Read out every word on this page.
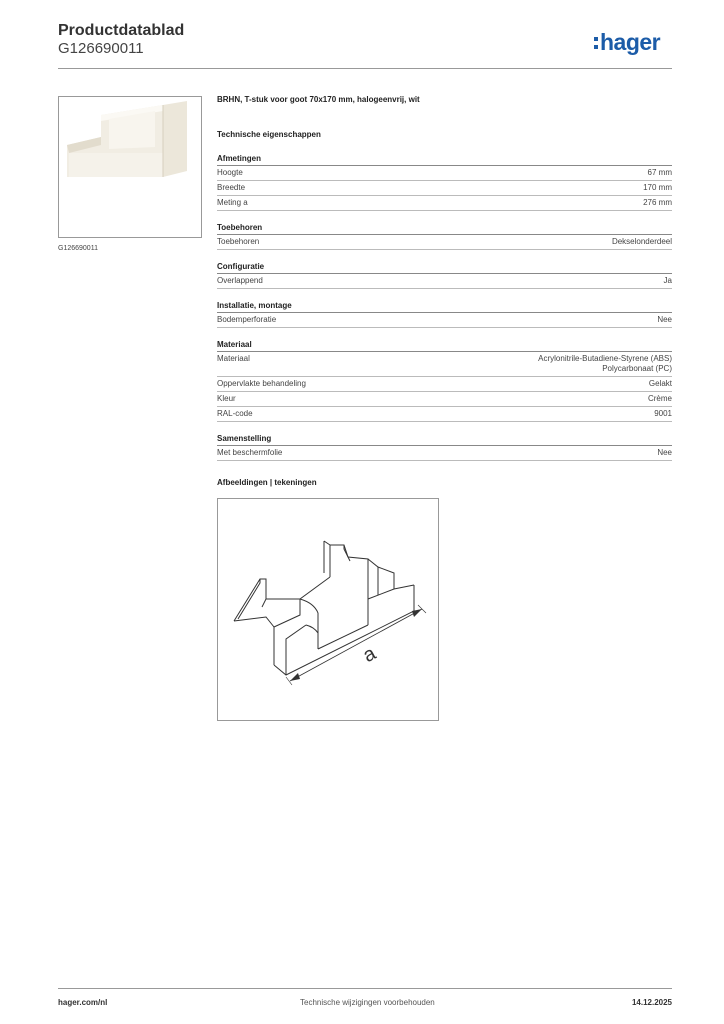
Productdatablad
G126690011	hager
G126690011
BRHN, T-stuk voor goot 70x170 mm, halogeenvrij, wit
Technische eigenschappen
Afmetingen
Hoogte	67 mm
Breedte	170 mm
Meting a	276 mm
Toebehoren
Toebehoren	Dekselonderdeel
Configuratie
Overlappend	Ja
Installatie, montage
Bodemperforatie	Nee
Materiaal
Materiaal	Acrylonitrile-Butadiene-Styrene (ABS)
Polycarbonaat (PC)
Oppervlakte behandeling	Gelakt
Kleur	Crème
RAL-code	9001
Samenstelling
Met beschermfolie	Nee
Afbeeldingen | tekeningen
a
hager.com/nl	Technische wijzigingen voorbehouden	14.12.2025
